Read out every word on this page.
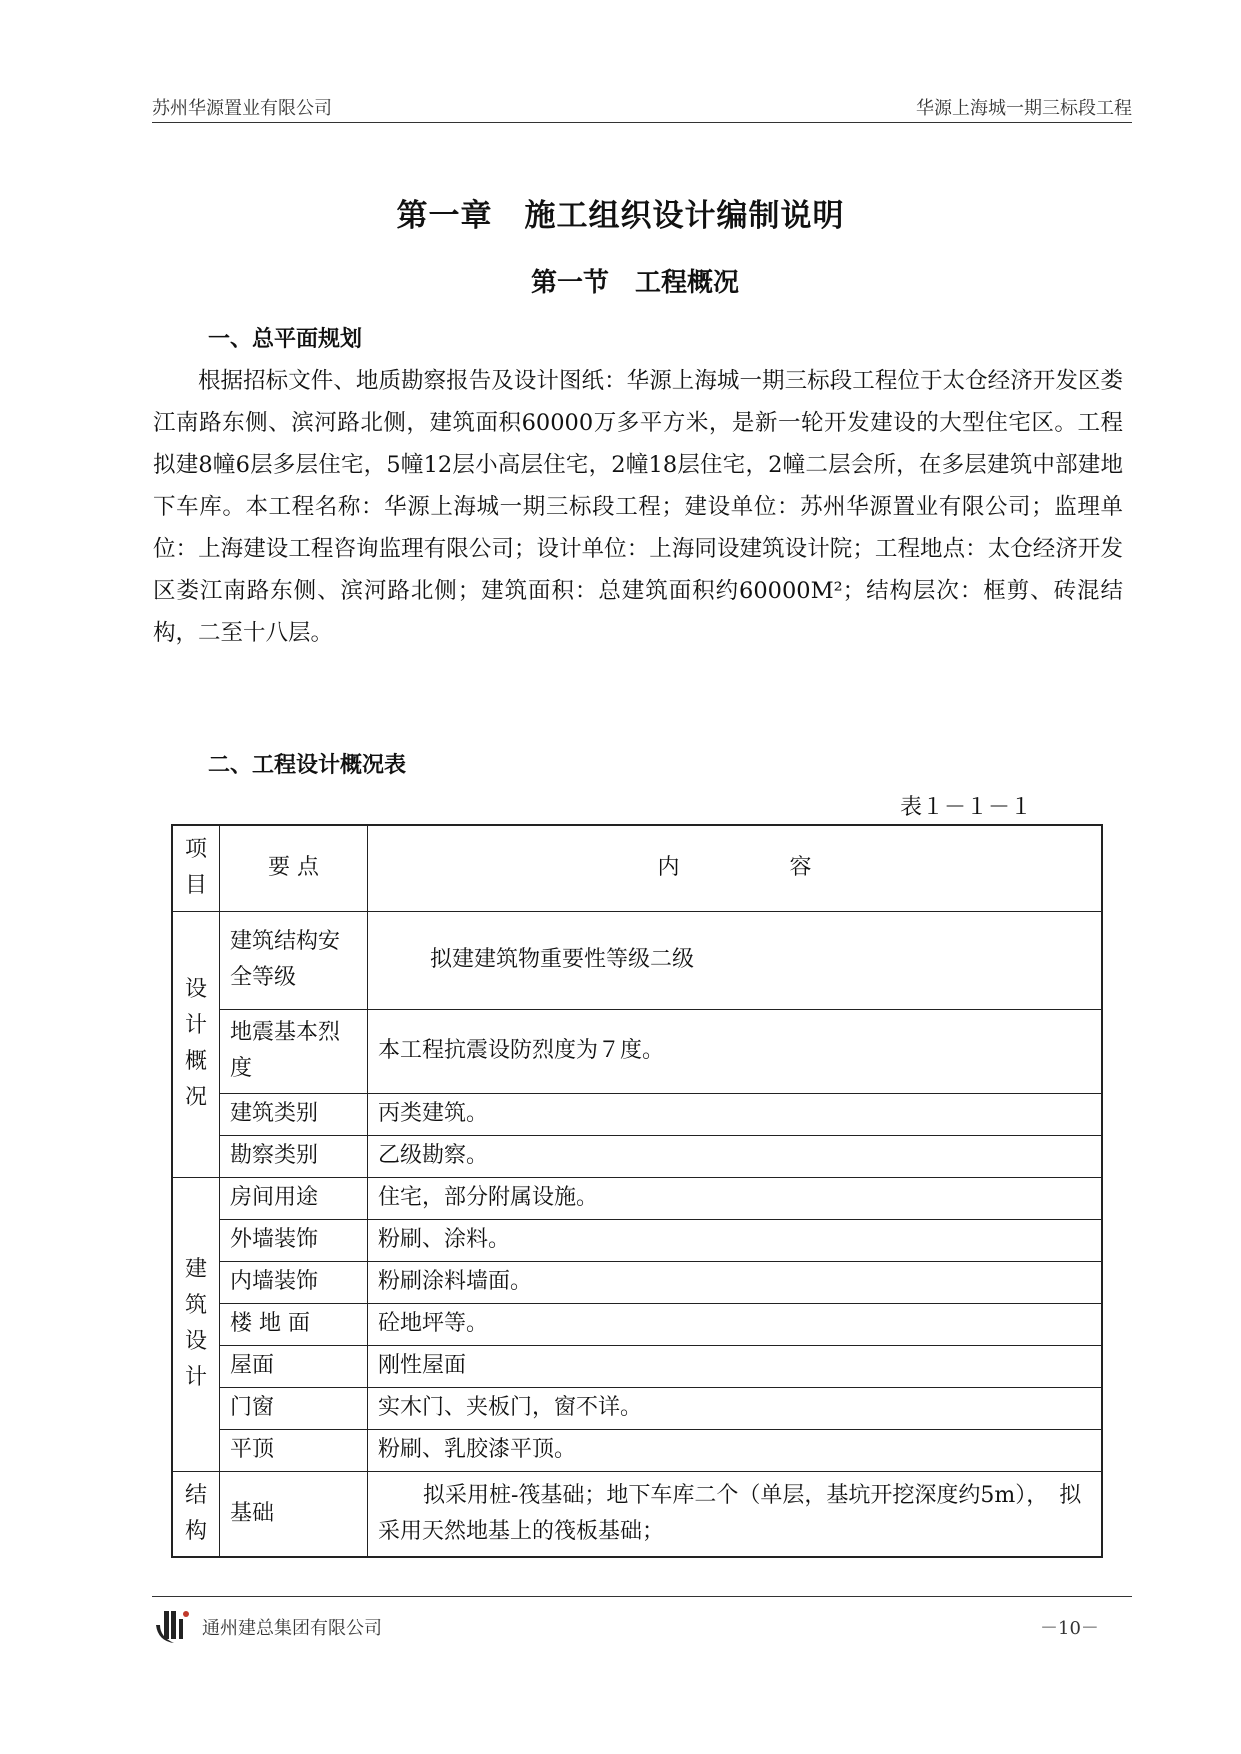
苏州华源置业有限公司	华源上海城一期三标段工程
第一章　施工组织设计编制说明
第一节　工程概况
一、总平面规划

根据招标文件、地质勘察报告及设计图纸：华源上海城一期三标段工程位于太仓经济开发区娄江南路东侧、滨河路北侧，建筑面积60000万多平方米，是新一轮开发建设的大型住宅区。工程拟建8幢6层多层住宅，5幢12层小高层住宅，2幢18层住宅，2幢二层会所，在多层建筑中部建地下车库。本工程名称：华源上海城一期三标段工程；建设单位：苏州华源置业有限公司；监理单位：上海建设工程咨询监理有限公司；设计单位：上海同设建筑设计院；工程地点：太仓经济开发区娄江南路东侧、滨河路北侧；建筑面积：总建筑面积约60000M²；结构层次：框剪、砖混结构，二至十八层。

二、工程设计概况表
表１－１－１
项目	要 点	内　　　　　容
设计概况	建筑结构安全等级	拟建建筑物重要性等级二级
	地震基本烈度	本工程抗震设防烈度为７度。
	建筑类别	丙类建筑。
	勘察类别	乙级勘察。
建筑设计	房间用途	住宅，部分附属设施。
	外墙装饰	粉刷、涂料。
	内墙装饰	粉刷涂料墙面。
	楼 地 面	砼地坪等。
	屋面	刚性屋面
	门窗	实木门、夹板门，窗不详。
	平顶	粉刷、乳胶漆平顶。
结构	基础	拟采用桩-筏基础；地下车库二个（单层，基坑开挖深度约5m），　拟采用天然地基上的筏板基础；
通州建总集团有限公司	－10－
